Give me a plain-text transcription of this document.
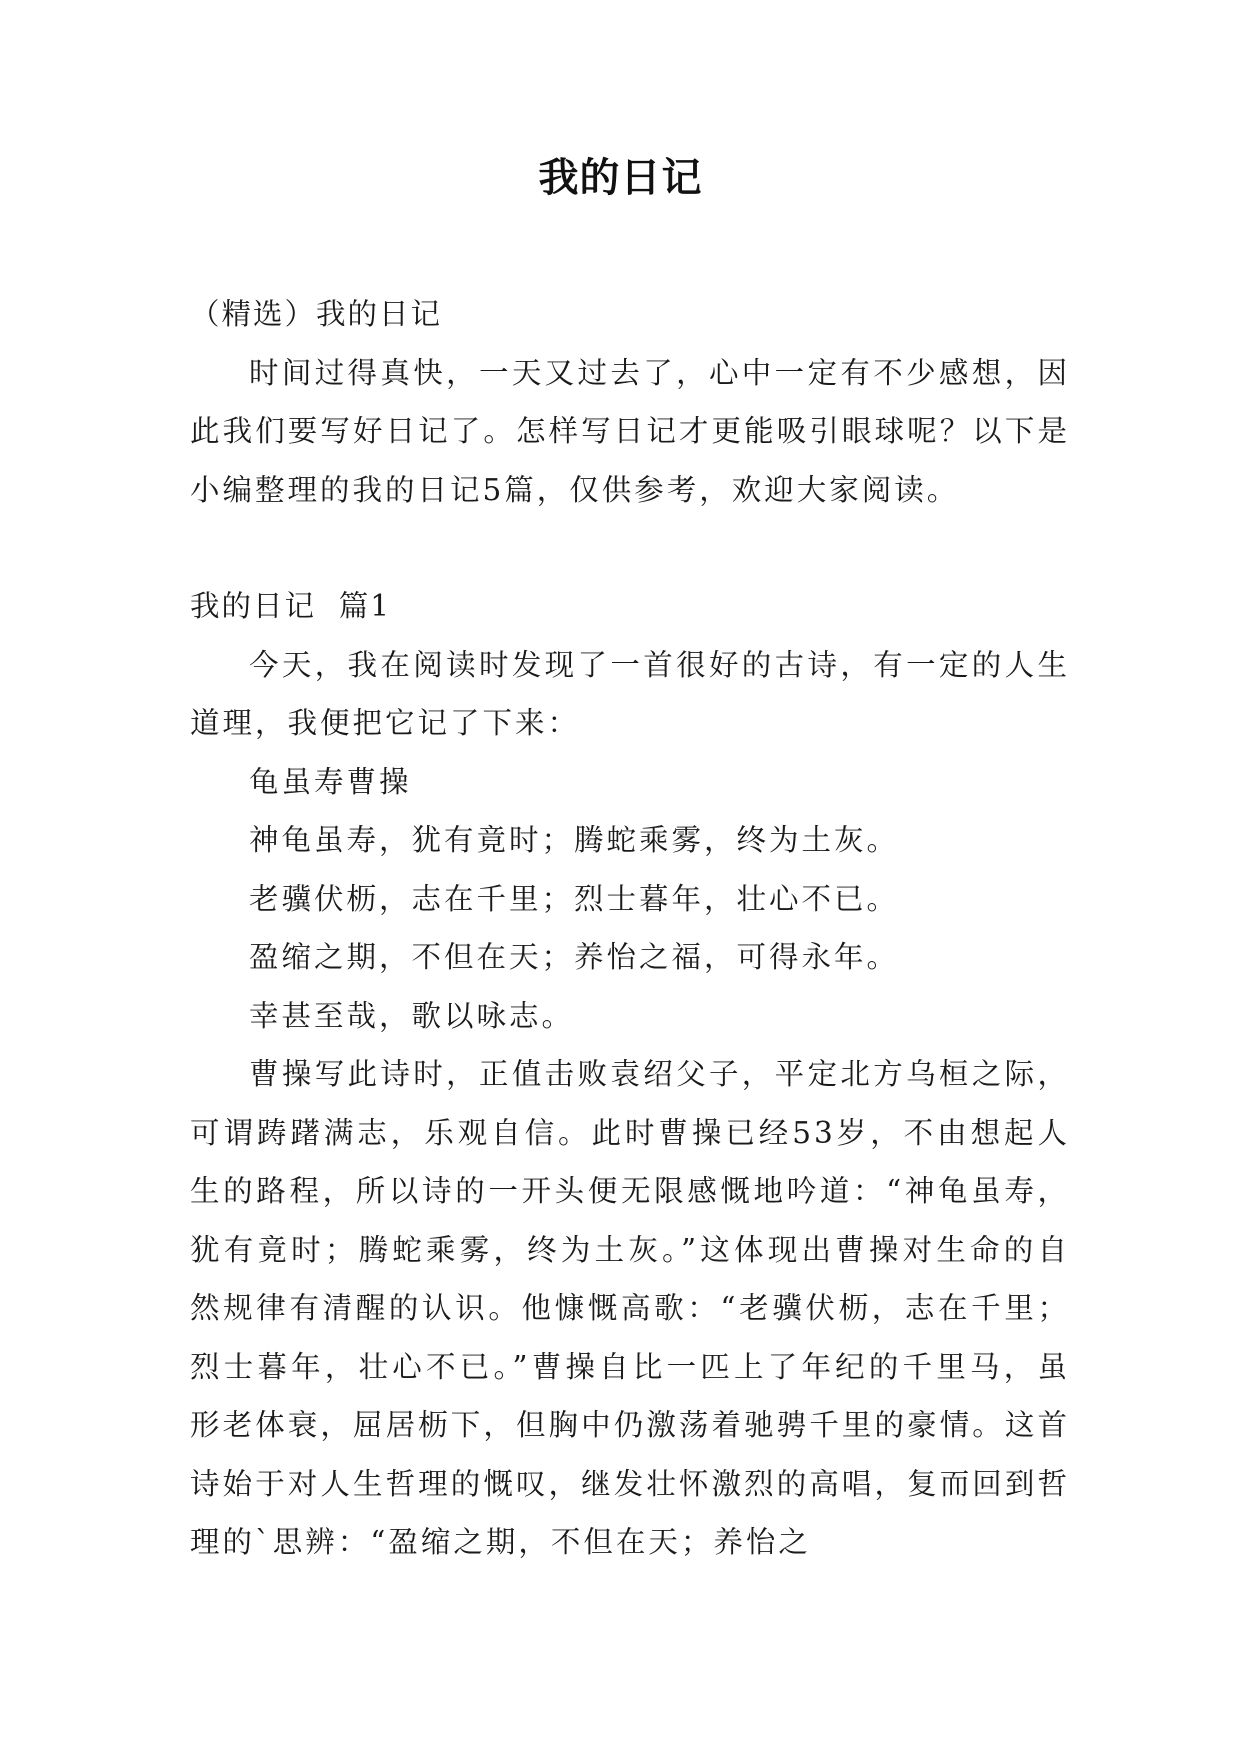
我的日记
（精选）我的日记
时间过得真快，一天又过去了，心中一定有不少感想，因此我们要写好日记了。怎样写日记才更能吸引眼球呢？以下是小编整理的我的日记5篇，仅供参考，欢迎大家阅读。
我的日记  篇1
今天，我在阅读时发现了一首很好的古诗，有一定的人生道理，我便把它记了下来：
龟虽寿曹操
神龟虽寿，犹有竟时；腾蛇乘雾，终为土灰。
老骥伏枥，志在千里；烈士暮年，壮心不已。
盈缩之期，不但在天；养怡之福，可得永年。
幸甚至哉，歌以咏志。
曹操写此诗时，正值击败袁绍父子，平定北方乌桓之际，可谓踌躇满志，乐观自信。此时曹操已经53岁，不由想起人生的路程，所以诗的一开头便无限感慨地吟道：“神龟虽寿，犹有竟时；腾蛇乘雾，终为土灰。”这体现出曹操对生命的自然规律有清醒的认识。他慷慨高歌：“老骥伏枥，志在千里；烈士暮年，壮心不已。”曹操自比一匹上了年纪的千里马，虽形老体衰，屈居枥下，但胸中仍激荡着驰骋千里的豪情。这首诗始于对人生哲理的慨叹，继发壮怀激烈的高唱，复而回到哲理的`思辨：“盈缩之期，不但在天；养怡之
